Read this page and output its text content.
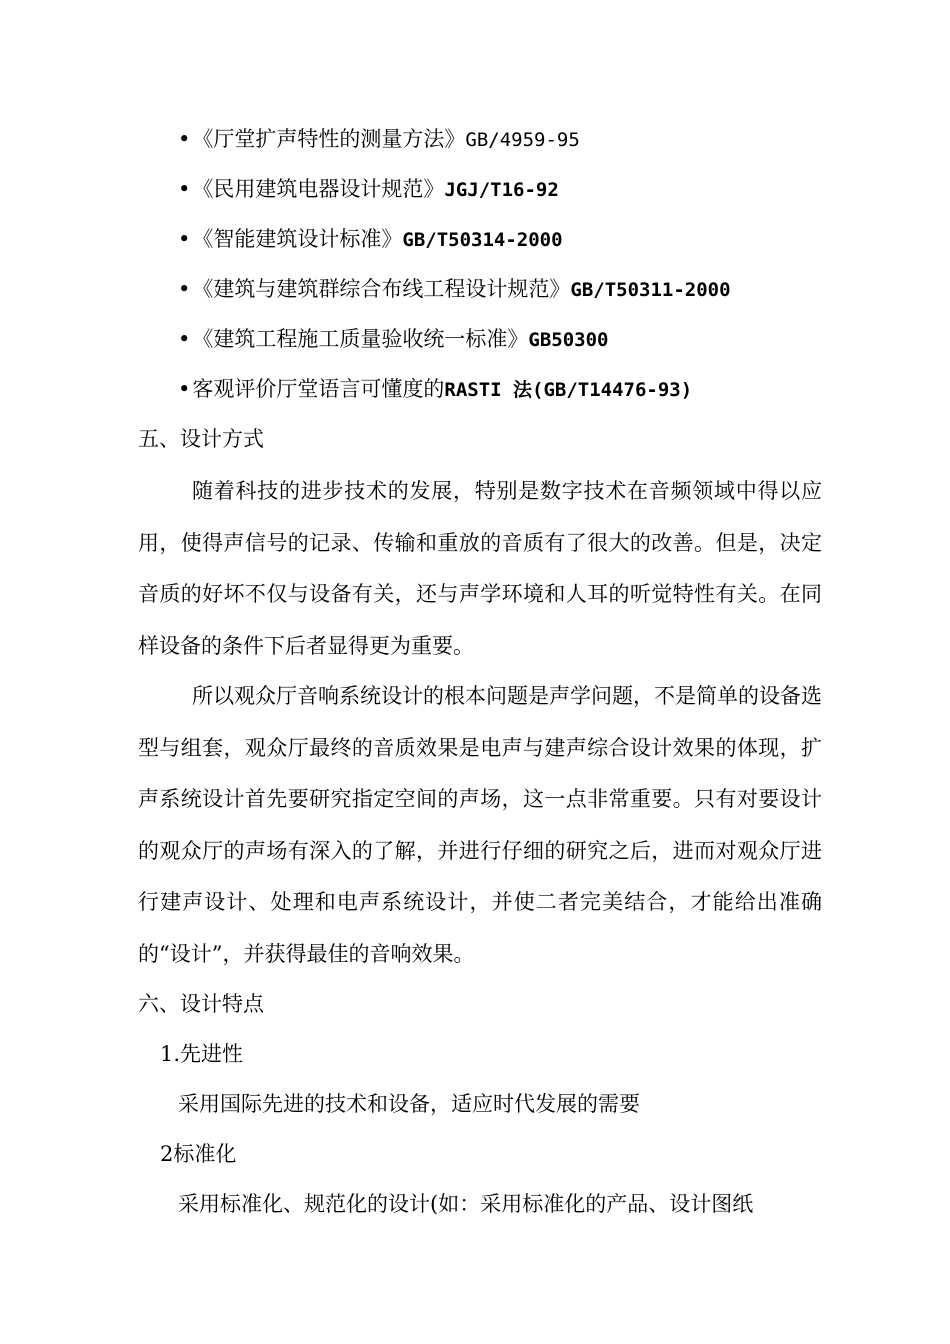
•《厅堂扩声特性的测量方法》GB/4959-95
•《民用建筑电器设计规范》JGJ/T16-92
•《智能建筑设计标准》GB/T50314-2000
•《建筑与建筑群综合布线工程设计规范》GB/T50311-2000
•《建筑工程施工质量验收统一标准》GB50300
•客观评价厅堂语言可懂度的RASTI 法(GB/T14476-93)
五、设计方式

随着科技的进步技术的发展，特别是数字技术在音频领域中得以应用，使得声信号的记录、传输和重放的音质有了很大的改善。但是，决定音质的好坏不仅与设备有关，还与声学环境和人耳的听觉特性有关。在同样设备的条件下后者显得更为重要。

所以观众厅音响系统设计的根本问题是声学问题，不是简单的设备选型与组套，观众厅最终的音质效果是电声与建声综合设计效果的体现，扩声系统设计首先要研究指定空间的声场，这一点非常重要。只有对要设计的观众厅的声场有深入的了解，并进行仔细的研究之后，进而对观众厅进行建声设计、处理和电声系统设计，并使二者完美结合，才能给出准确的“设计”，并获得最佳的音响效果。

六、设计特点
1.先进性
采用国际先进的技术和设备，适应时代发展的需要
2标准化
采用标准化、规范化的设计(如：采用标准化的产品、设计图纸
